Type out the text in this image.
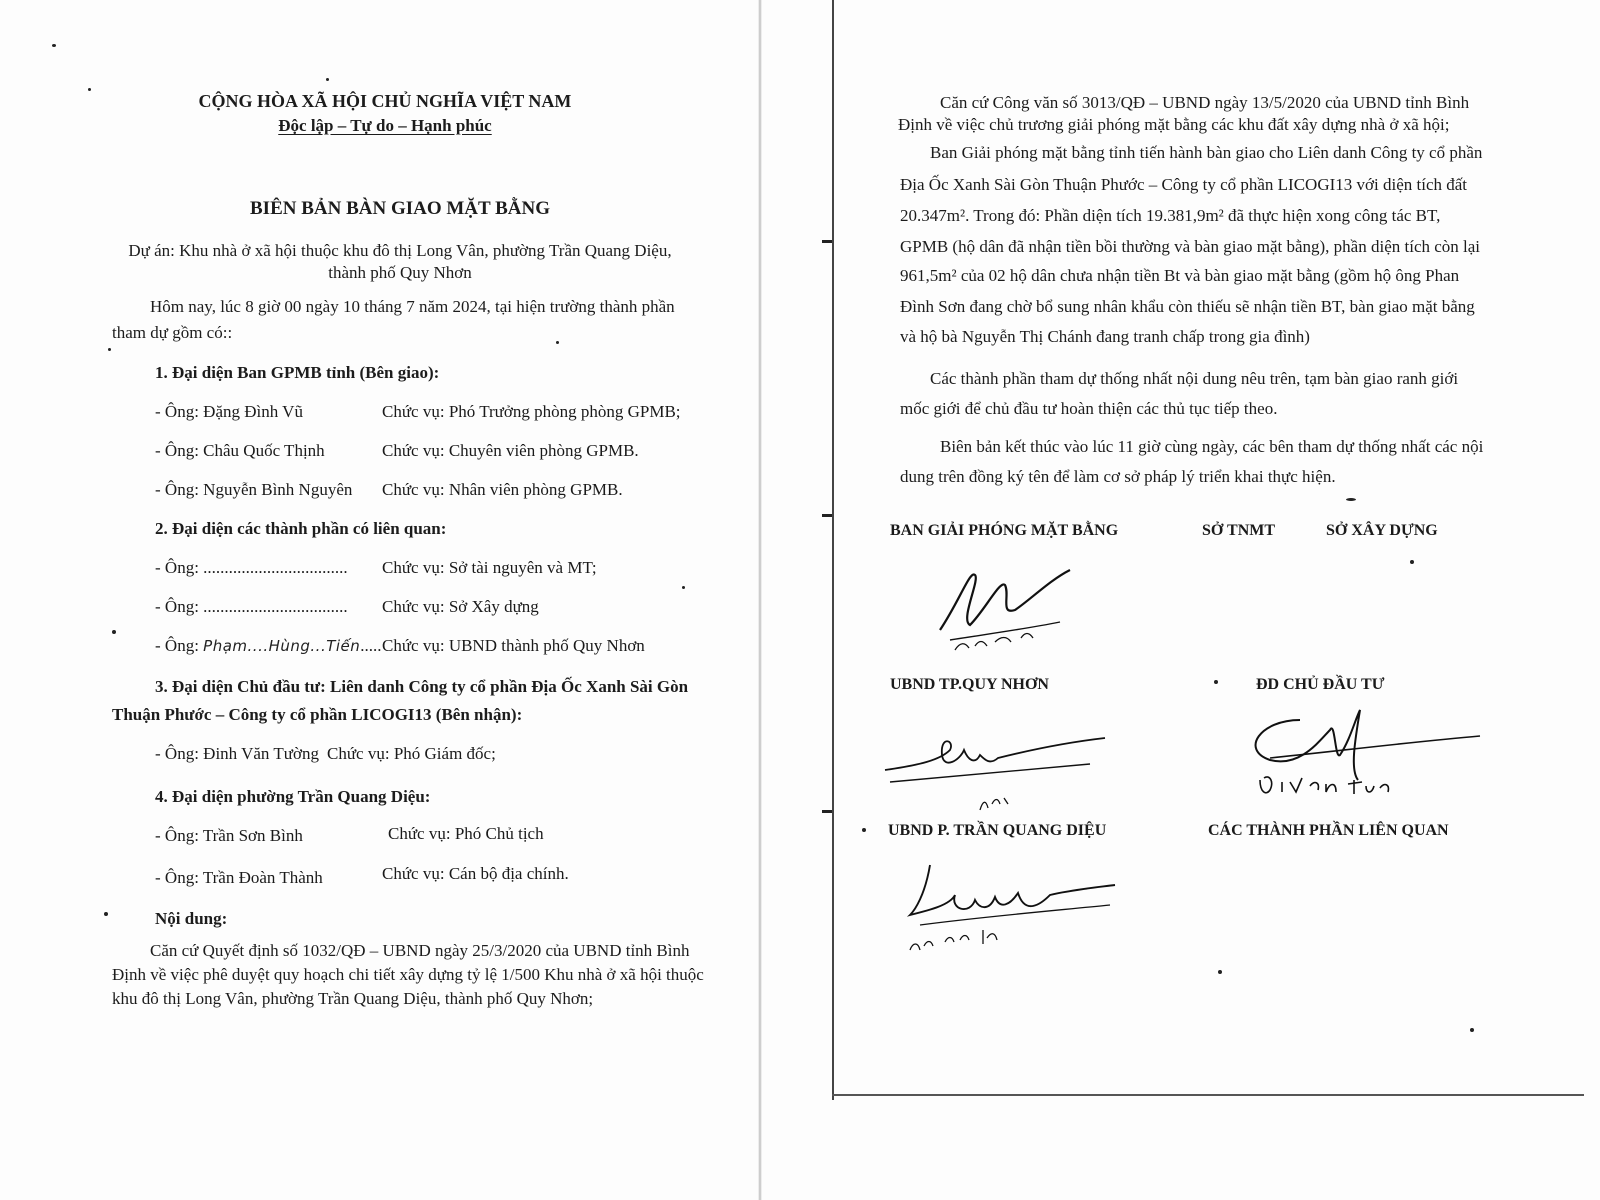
CỘNG HÒA XÃ HỘI CHỦ NGHĨA VIỆT NAM
Độc lập – Tự do – Hạnh phúc
BIÊN BẢN BÀN GIAO MẶT BẰNG
Dự án: Khu nhà ở xã hội thuộc khu đô thị Long Vân, phường Trần Quang Diệu,
thành phố Quy Nhơn
Hôm nay, lúc 8 giờ 00 ngày 10 tháng 7 năm 2024, tại hiện trường thành phần
tham dự gồm có::
1. Đại diện Ban GPMB tỉnh (Bên giao):
- Ông: Đặng Đình Vũ	Chức vụ: Phó Trưởng phòng phòng GPMB;
- Ông: Châu Quốc Thịnh	Chức vụ: Chuyên viên phòng GPMB.
- Ông: Nguyễn Bình Nguyên Chức vụ: Nhân viên phòng GPMB.
2. Đại diện các thành phần có liên quan:
- Ông: .................................. Chức vụ: Sở tài nguyên và MT;
- Ông: .................................. Chức vụ: Sở Xây dựng
- Ông: Phạm....Hùng...Tiến..... Chức vụ: UBND thành phố Quy Nhơn
3. Đại diện Chủ đầu tư: Liên danh Công ty cổ phần Địa Ốc Xanh Sài Gòn
Thuận Phước – Công ty cổ phần LICOGI13 (Bên nhận):
- Ông: Đinh Văn Tường Chức vụ: Phó Giám đốc;
4. Đại diện phường Trần Quang Diệu:
- Ông: Trần Sơn Bình	Chức vụ: Phó Chủ tịch
- Ông: Trần Đoàn Thành	Chức vụ: Cán bộ địa chính.
Nội dung:
Căn cứ Quyết định số 1032/QĐ – UBND ngày 25/3/2020 của UBND tỉnh Bình
Định về việc phê duyệt quy hoạch chi tiết xây dựng tỷ lệ 1/500 Khu nhà ở xã hội thuộc
khu đô thị Long Vân, phường Trần Quang Diệu, thành phố Quy Nhơn;
Căn cứ Công văn số 3013/QĐ – UBND ngày 13/5/2020 của UBND tỉnh Bình
Định về việc chủ trương giải phóng mặt bằng các khu đất xây dựng nhà ở xã hội;
Ban Giải phóng mặt bằng tỉnh tiến hành bàn giao cho Liên danh Công ty cổ phần
Địa Ốc Xanh Sài Gòn Thuận Phước – Công ty cổ phần LICOGI13 với diện tích đất
20.347m². Trong đó: Phần diện tích 19.381,9m² đã thực hiện xong công tác BT,
GPMB (hộ dân đã nhận tiền bồi thường và bàn giao mặt bằng), phần diện tích còn lại
961,5m² của 02 hộ dân chưa nhận tiền Bt và bàn giao mặt bằng (gồm hộ ông Phan
Đình Sơn đang chờ bổ sung nhân khẩu còn thiếu sẽ nhận tiền BT, bàn giao mặt bằng
và hộ bà Nguyễn Thị Chánh đang tranh chấp trong gia đình)
Các thành phần tham dự thống nhất nội dung nêu trên, tạm bàn giao ranh giới
mốc giới để chủ đầu tư hoàn thiện các thủ tục tiếp theo.
Biên bản kết thúc vào lúc 11 giờ cùng ngày, các bên tham dự thống nhất các nội
dung trên đồng ký tên để làm cơ sở pháp lý triển khai thực hiện.
BAN GIẢI PHÓNG MẶT BẰNG	SỞ TNMT	SỞ XÂY DỰNG
UBND TP.QUY NHƠN	ĐD CHỦ ĐẦU TƯ
UBND P. TRẦN QUANG DIỆU	CÁC THÀNH PHẦN LIÊN QUAN
